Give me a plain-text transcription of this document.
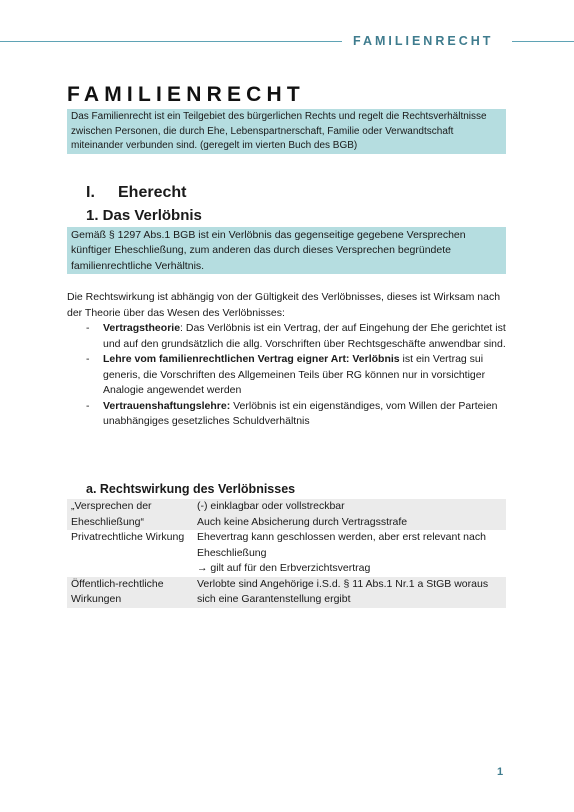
FAMILIENRECHT
FAMILIENRECHT
Das Familienrecht ist ein Teilgebiet des bürgerlichen Rechts und regelt die Rechtsverhältnisse zwischen Personen, die durch Ehe, Lebenspartnerschaft, Familie oder Verwandtschaft miteinander verbunden sind. (geregelt im vierten Buch des BGB)
I. Eherecht
1. Das Verlöbnis
Gemäß § 1297 Abs.1 BGB ist ein Verlöbnis das gegenseitige gegebene Versprechen künftiger Eheschließung, zum anderen das durch dieses Versprechen begründete familienrechtliche Verhältnis.
Die Rechtswirkung ist abhängig von der Gültigkeit des Verlöbnisses, dieses ist Wirksam nach der Theorie über das Wesen des Verlöbnisses:
- Vertragstheorie: Das Verlöbnis ist ein Vertrag, der auf Eingehung der Ehe gerichtet ist und auf den grundsätzlich die allg. Vorschriften über Rechtsgeschäfte anwendbar sind.
- Lehre vom familienrechtlichen Vertrag eigner Art: Verlöbnis ist ein Vertrag sui generis, die Vorschriften des Allgemeinen Teils über RG können nur in vorsichtiger Analogie angewendet werden
- Vertrauenshaftungslehre: Verlöbnis ist ein eigenständiges, vom Willen der Parteien unabhängiges gesetzliches Schuldverhältnis
a. Rechtswirkung des Verlöbnisses
„Versprechen der Eheschließung“	(-) einklagbar oder vollstreckbar
Auch keine Absicherung durch Vertragsstrafe

Privatrechtliche Wirkung	Ehevertrag kann geschlossen werden, aber erst relevant nach Eheschließung
→ gilt auf für den Erbverzichtsvertrag

Öffentlich-rechtliche Wirkungen	Verlobte sind Angehörige i.S.d. § 11 Abs.1 Nr.1 a StGB woraus sich eine Garantenstellung ergibt
1
